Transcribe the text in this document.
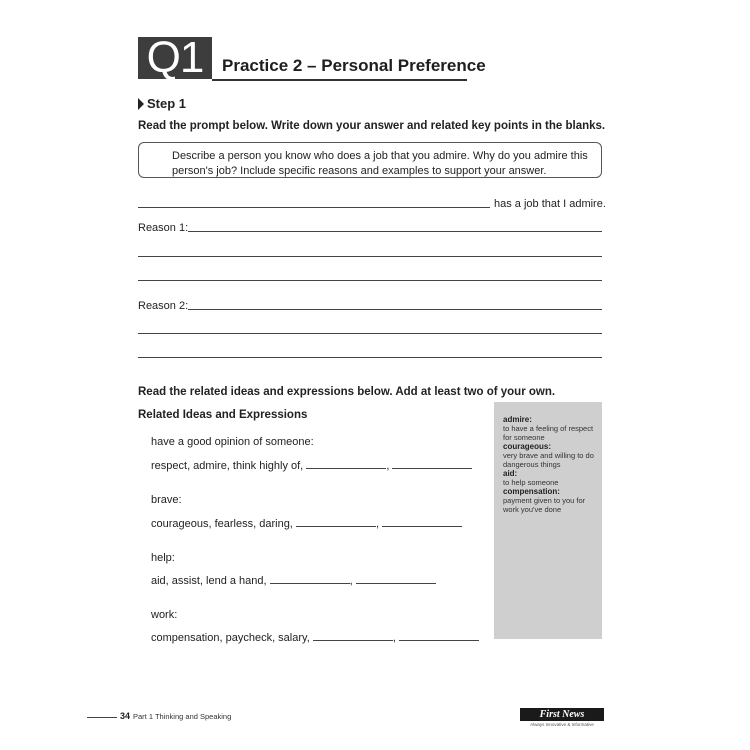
Q1 Practice 2 – Personal Preference
Step 1
Read the prompt below. Write down your answer and related key points in the blanks.
Describe a person you know who does a job that you admire. Why do you admire this
person's job? Include specific reasons and examples to support your answer.
has a job that I admire.
Reason 1:
Reason 2:
Read the related ideas and expressions below. Add at least two of your own.
Related Ideas and Expressions
have a good opinion of someone:
respect, admire, think highly of,	,
brave:
courageous, fearless, daring,	,
help:
aid, assist, lend a hand,	,
work:
compensation, paycheck, salary,	,
admire:
to have a feeling of respect
for someone
courageous:
very brave and willing to do
dangerous things
aid:
to help someone
compensation:
payment given to you for
work you've done
34 Part 1 Thinking and Speaking	First News
Always Innovative & Informative
